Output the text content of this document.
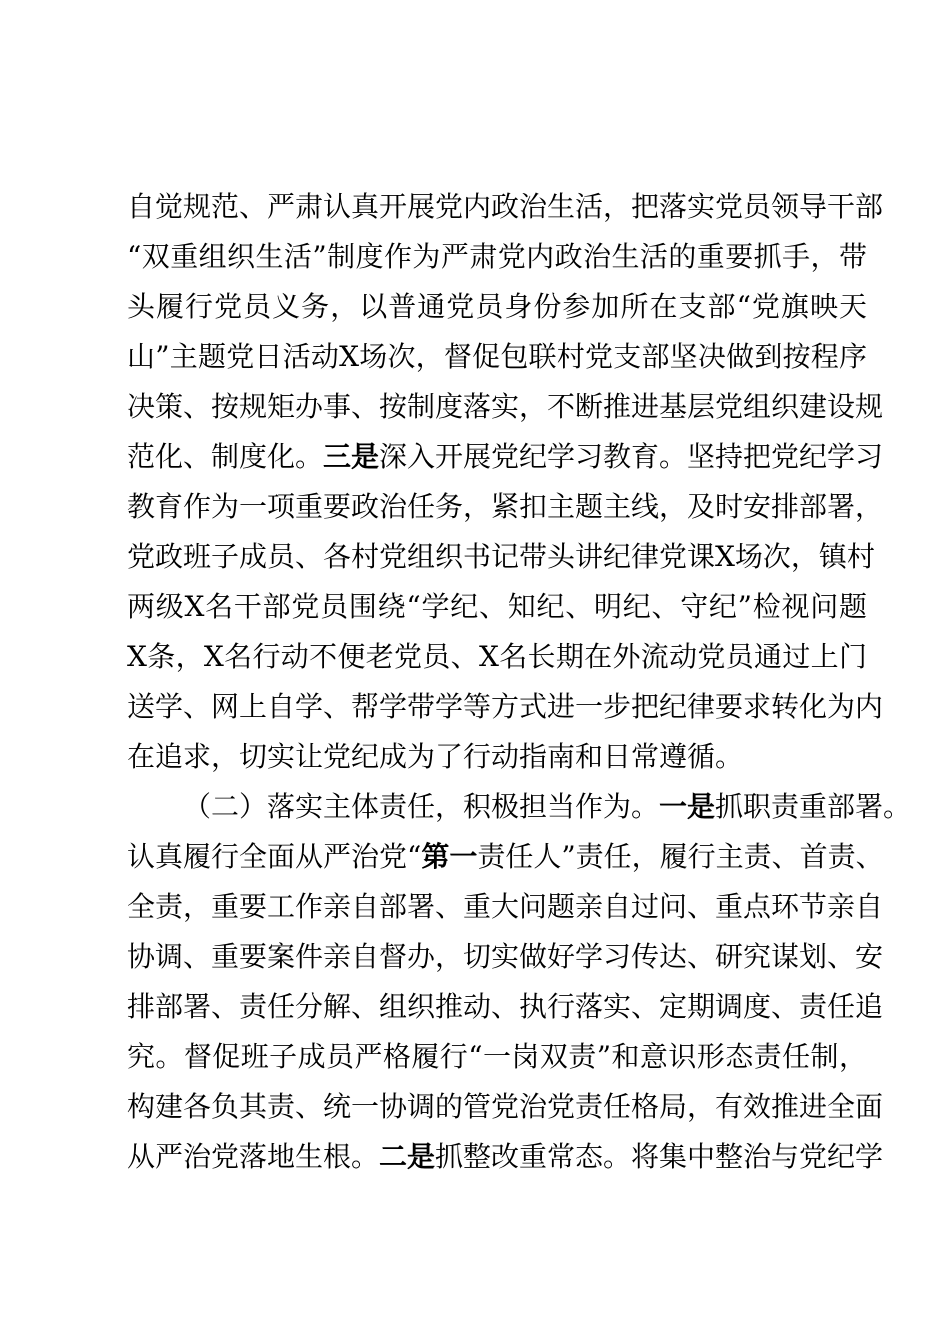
自觉规范、严肃认真开展党内政治生活，把落实党员领导干部
“双重组织生活”制度作为严肃党内政治生活的重要抓手，带
头履行党员义务，以普通党员身份参加所在支部“党旗映天
山”主题党日活动X场次，督促包联村党支部坚决做到按程序
决策、按规矩办事、按制度落实，不断推进基层党组织建设规
范化、制度化。三是深入开展党纪学习教育。坚持把党纪学习
教育作为一项重要政治任务，紧扣主题主线，及时安排部署，
党政班子成员、各村党组织书记带头讲纪律党课X场次，镇村
两级X名干部党员围绕“学纪、知纪、明纪、守纪”检视问题
X条，X名行动不便老党员、X名长期在外流动党员通过上门
送学、网上自学、帮学带学等方式进一步把纪律要求转化为内
在追求，切实让党纪成为了行动指南和日常遵循。
（二）落实主体责任，积极担当作为。一是抓职责重部署。
认真履行全面从严治党“第一责任人”责任，履行主责、首责、
全责，重要工作亲自部署、重大问题亲自过问、重点环节亲自
协调、重要案件亲自督办，切实做好学习传达、研究谋划、安
排部署、责任分解、组织推动、执行落实、定期调度、责任追
究。督促班子成员严格履行“一岗双责”和意识形态责任制，
构建各负其责、统一协调的管党治党责任格局，有效推进全面
从严治党落地生根。二是抓整改重常态。将集中整治与党纪学
